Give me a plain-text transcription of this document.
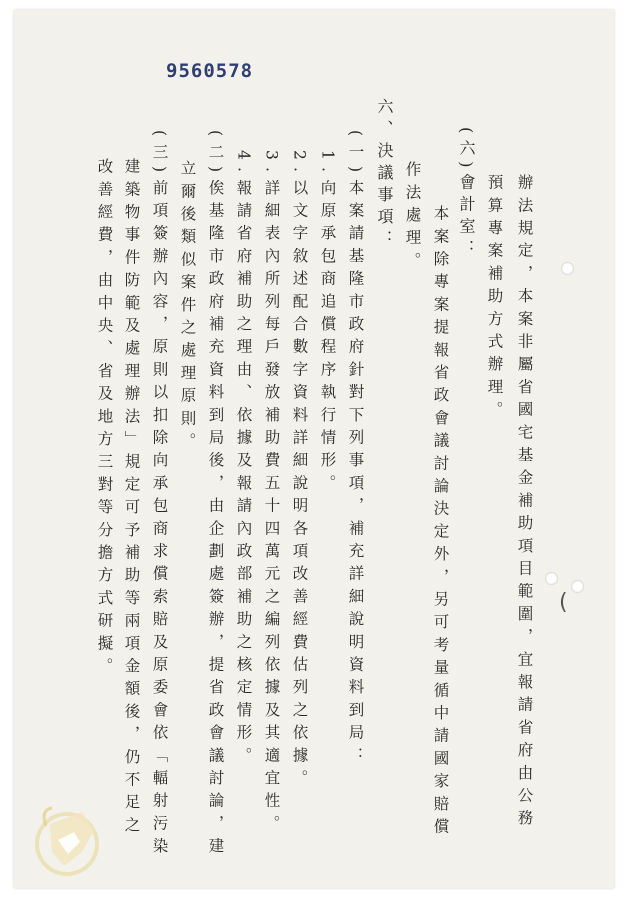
9560578
辦法規定，本案非屬省國宅基金補助項目範圍，宜報請省府由公務
預算專案補助方式辦理。
(六)會計室：
本案除專案提報省政會議討論決定外，另可考量循中請國家賠償
作法處理。
六、決議事項：
(一)本案請基隆市政府針對下列事項，補充詳細說明資料到局：
1.向原承包商追償程序執行情形。
2.以文字敘述配合數字資料詳細說明各項改善經費估列之依據。
3.詳細表內所列每戶發放補助費五十四萬元之編列依據及其適宜性。
4.報請省府補助之理由、依據及報請內政部補助之核定情形。
(二)俟基隆市政府補充資料到局後，由企劃處簽辦，提省政會議討論，建
立爾後類似案件之處理原則。
(三)前項簽辦內容，原則以扣除向承包商求償索賠及原委會依「輻射污染
建築物事件防範及處理辦法」規定可予補助等兩項金額後，仍不足之
改善經費，由中央、省及地方三對等分擔方式研擬。	(
